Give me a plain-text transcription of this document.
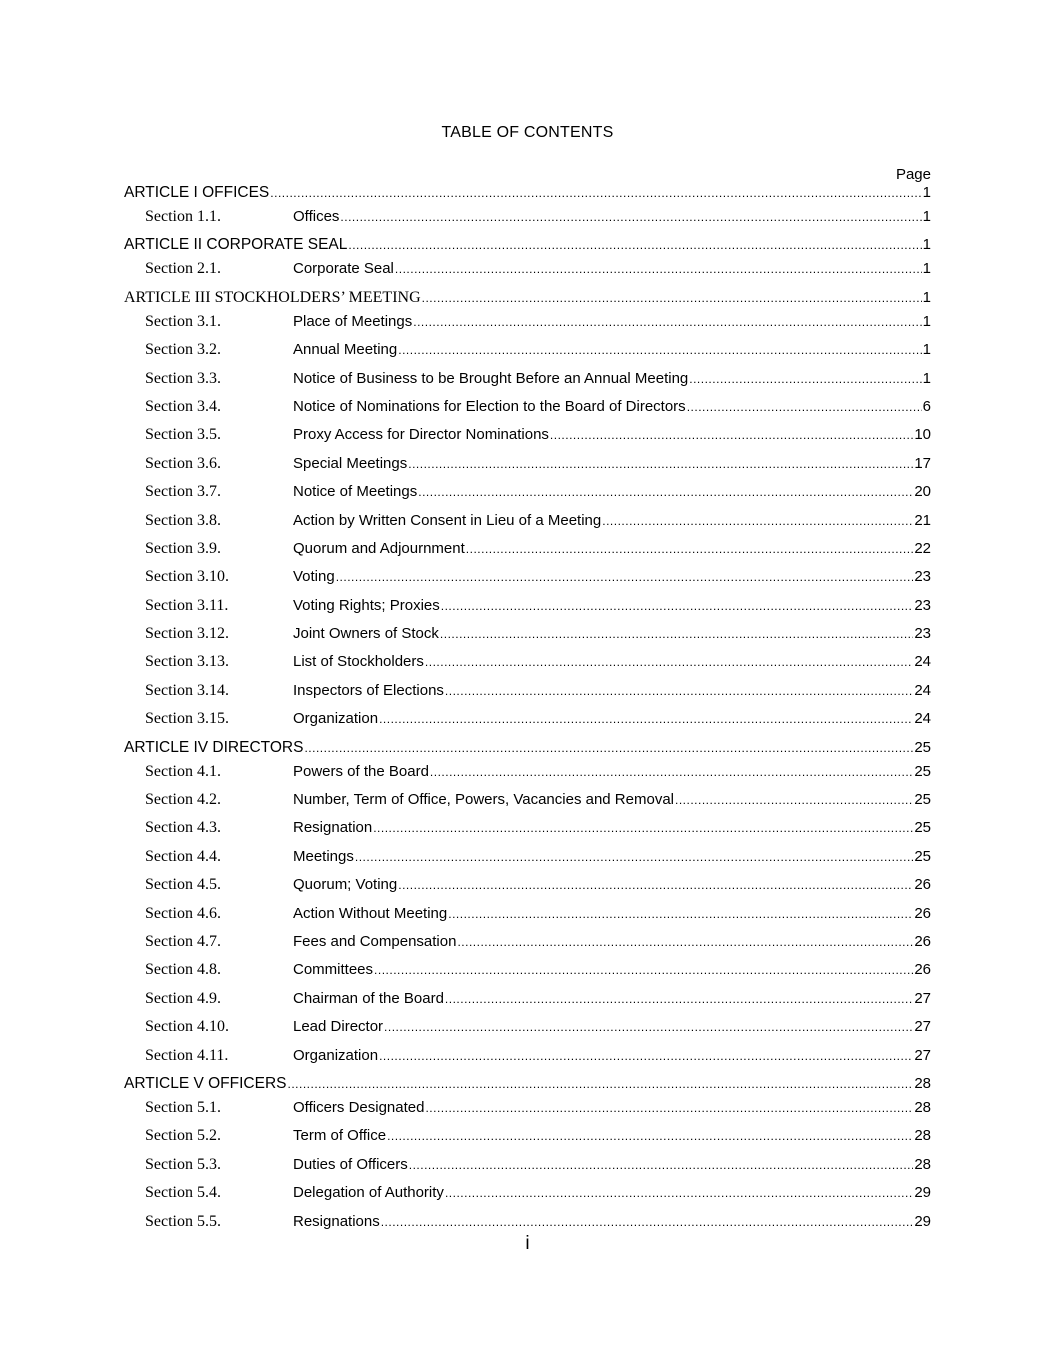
TABLE OF CONTENTS
Page
ARTICLE I OFFICES .....	1
Section 1.1.	Offices .....	1
ARTICLE II CORPORATE SEAL .....	1
Section 2.1.	Corporate Seal .....	1
ARTICLE III STOCKHOLDERS’ MEETING .....	1
Section 3.1.	Place of Meetings .....	1
Section 3.2.	Annual Meeting .....	1
Section 3.3.	Notice of Business to be Brought Before an Annual Meeting .....	1
Section 3.4.	Notice of Nominations for Election to the Board of Directors .....	6
Section 3.5.	Proxy Access for Director Nominations .....	10
Section 3.6.	Special Meetings .....	17
Section 3.7.	Notice of Meetings .....	20
Section 3.8.	Action by Written Consent in Lieu of a Meeting .....	21
Section 3.9.	Quorum and Adjournment .....	22
Section 3.10.	Voting .....	23
Section 3.11.	Voting Rights; Proxies .....	23
Section 3.12.	Joint Owners of Stock .....	23
Section 3.13.	List of Stockholders .....	24
Section 3.14.	Inspectors of Elections .....	24
Section 3.15.	Organization .....	24
ARTICLE IV DIRECTORS .....	25
Section 4.1.	Powers of the Board .....	25
Section 4.2.	Number, Term of Office, Powers, Vacancies and Removal .....	25
Section 4.3.	Resignation .....	25
Section 4.4.	Meetings .....	25
Section 4.5.	Quorum; Voting .....	26
Section 4.6.	Action Without Meeting .....	26
Section 4.7.	Fees and Compensation .....	26
Section 4.8.	Committees .....	26
Section 4.9.	Chairman of the Board .....	27
Section 4.10.	Lead Director .....	27
Section 4.11.	Organization .....	27
ARTICLE V OFFICERS .....	28
Section 5.1.	Officers Designated .....	28
Section 5.2.	Term of Office .....	28
Section 5.3.	Duties of Officers .....	28
Section 5.4.	Delegation of Authority .....	29
Section 5.5.	Resignations .....	29
i
